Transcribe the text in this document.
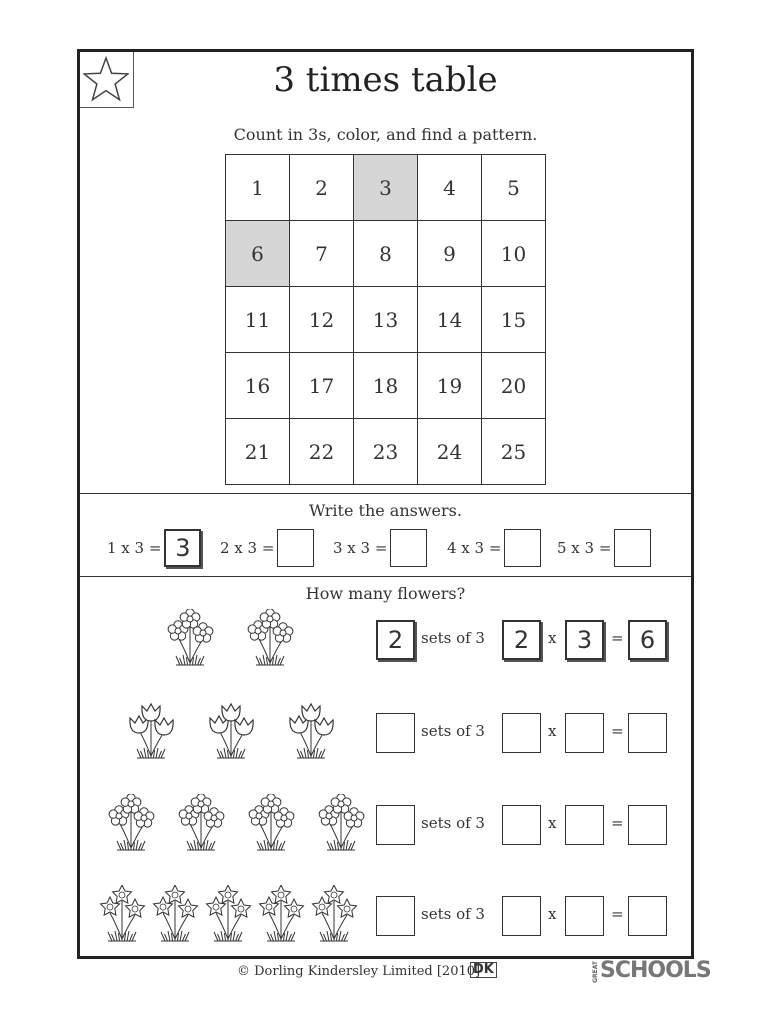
3 times table
Count in 3s, color, and find a pattern.
1	2	3	4	5
6	7	8	9	10
11	12	13	14	15
16	17	18	19	20
21	22	23	24	25
Write the answers.
1 x 3 = 3	2 x 3 =	3 x 3 =	4 x 3 =	5 x 3 =
How many flowers?
2	sets of 3	2	x 3	= 6
sets of 3	x	=
sets of 3	x	=
sets of 3	x	=
© Dorling Kindersley Limited [2010]
DK	GREAT SCHOOLS
